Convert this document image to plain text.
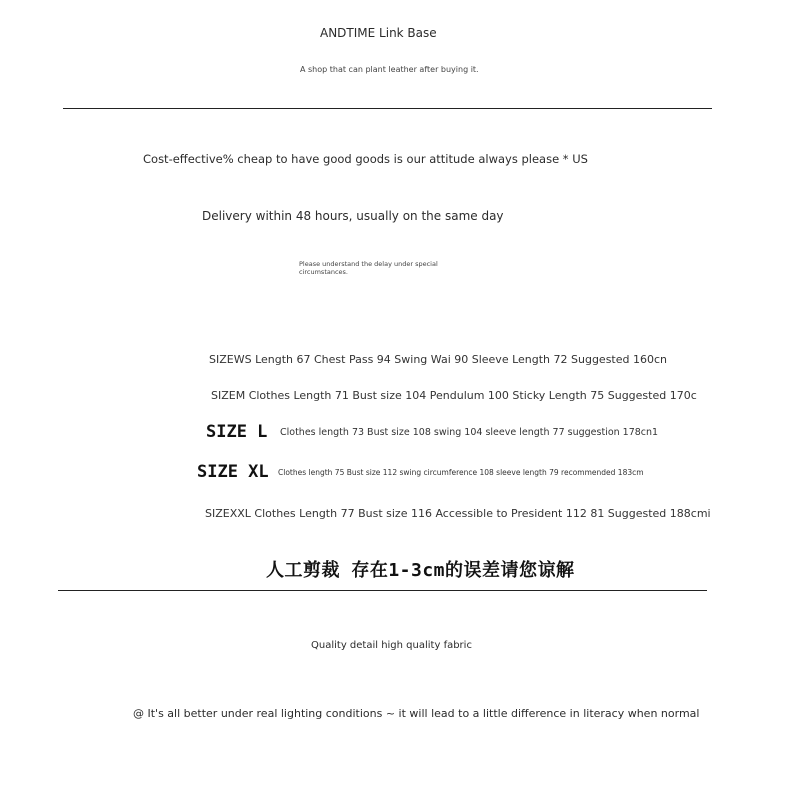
ANDTIME Link Base
A shop that can plant leather after buying it.
Cost-effective% cheap to have good goods is our attitude always please * US
Delivery within 48 hours, usually on the same day
Please understand the delay under special circumstances.
SIZEWS Length 67 Chest Pass 94 Swing Wai 90 Sleeve Length 72 Suggested 160cn
SIZEM Clothes Length 71 Bust size 104 Pendulum 100 Sticky Length 75 Suggested 170c
SIZE L Clothes length 73 Bust size 108 swing 104 sleeve length 77 suggestion 178cn1
SIZE XL Clothes length 75 Bust size 112 swing circumference 108 sleeve length 79 recommended 183cm
SIZEXXL Clothes Length 77 Bust size 116 Accessible to President 112 81 Suggested 188cmi
人工剪裁 存在1-3cm的误差请您谅解
Quality detail high quality fabric
@ It's all better under real lighting conditions ~ it will lead to a little difference in literacy when normal
